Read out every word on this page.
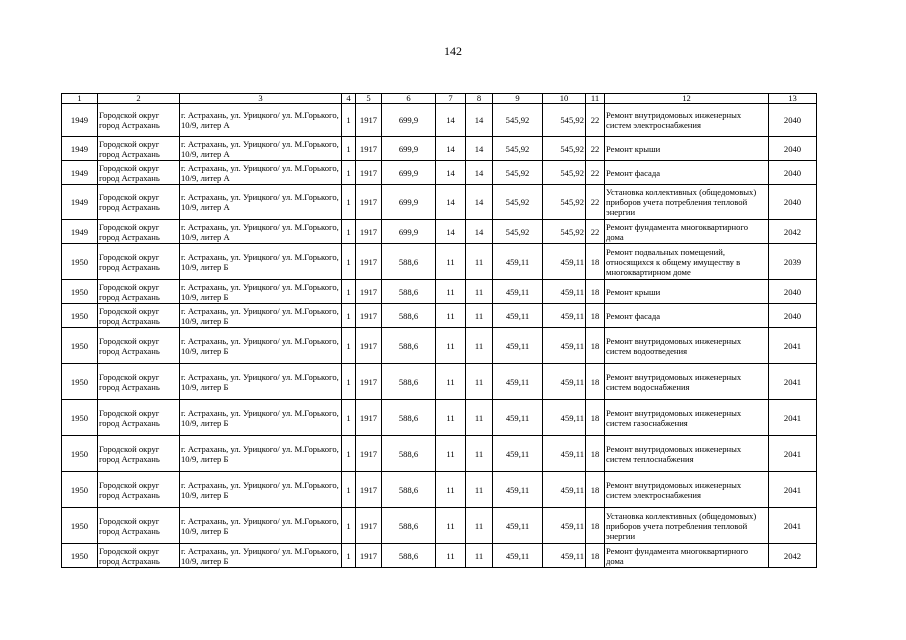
142
1	2	3	4	5	6	7	8	9	10	11	12	13
1949	Городской округ город Астрахань	г. Астрахань, ул. Урицкого/ ул. М.Горького, 10/9, литер А	1	1917	699,9	14	14	545,92	545,92	22	Ремонт внутридомовых инженерных систем электроснабжения	2040
1949	Городской округ город Астрахань	г. Астрахань, ул. Урицкого/ ул. М.Горького, 10/9, литер А	1	1917	699,9	14	14	545,92	545,92	22	Ремонт крыши	2040
1949	Городской округ город Астрахань	г. Астрахань, ул. Урицкого/ ул. М.Горького, 10/9, литер А	1	1917	699,9	14	14	545,92	545,92	22	Ремонт фасада	2040
1949	Городской округ город Астрахань	г. Астрахань, ул. Урицкого/ ул. М.Горького, 10/9, литер А	1	1917	699,9	14	14	545,92	545,92	22	Установка коллективных (общедомовых) приборов учета потребления тепловой энергии	2040
1949	Городской округ город Астрахань	г. Астрахань, ул. Урицкого/ ул. М.Горького, 10/9, литер А	1	1917	699,9	14	14	545,92	545,92	22	Ремонт фундамента многоквартирного дома	2042
1950	Городской округ город Астрахань	г. Астрахань, ул. Урицкого/ ул. М.Горького, 10/9, литер Б	1	1917	588,6	11	11	459,11	459,11	18	Ремонт подвальных помещений, относящихся к общему имуществу в многоквартирном доме	2039
1950	Городской округ город Астрахань	г. Астрахань, ул. Урицкого/ ул. М.Горького, 10/9, литер Б	1	1917	588,6	11	11	459,11	459,11	18	Ремонт крыши	2040
1950	Городской округ город Астрахань	г. Астрахань, ул. Урицкого/ ул. М.Горького, 10/9, литер Б	1	1917	588,6	11	11	459,11	459,11	18	Ремонт фасада	2040
1950	Городской округ город Астрахань	г. Астрахань, ул. Урицкого/ ул. М.Горького, 10/9, литер Б	1	1917	588,6	11	11	459,11	459,11	18	Ремонт внутридомовых инженерных систем водоотведения	2041
1950	Городской округ город Астрахань	г. Астрахань, ул. Урицкого/ ул. М.Горького, 10/9, литер Б	1	1917	588,6	11	11	459,11	459,11	18	Ремонт внутридомовых инженерных систем водоснабжения	2041
1950	Городской округ город Астрахань	г. Астрахань, ул. Урицкого/ ул. М.Горького, 10/9, литер Б	1	1917	588,6	11	11	459,11	459,11	18	Ремонт внутридомовых инженерных систем газоснабжения	2041
1950	Городской округ город Астрахань	г. Астрахань, ул. Урицкого/ ул. М.Горького, 10/9, литер Б	1	1917	588,6	11	11	459,11	459,11	18	Ремонт внутридомовых инженерных систем теплоснабжения	2041
1950	Городской округ город Астрахань	г. Астрахань, ул. Урицкого/ ул. М.Горького, 10/9, литер Б	1	1917	588,6	11	11	459,11	459,11	18	Ремонт внутридомовых инженерных систем электроснабжения	2041
1950	Городской округ город Астрахань	г. Астрахань, ул. Урицкого/ ул. М.Горького, 10/9, литер Б	1	1917	588,6	11	11	459,11	459,11	18	Установка коллективных (общедомовых) приборов учета потребления тепловой энергии	2041
1950	Городской округ город Астрахань	г. Астрахань, ул. Урицкого/ ул. М.Горького, 10/9, литер Б	1	1917	588,6	11	11	459,11	459,11	18	Ремонт фундамента многоквартирного дома	2042
